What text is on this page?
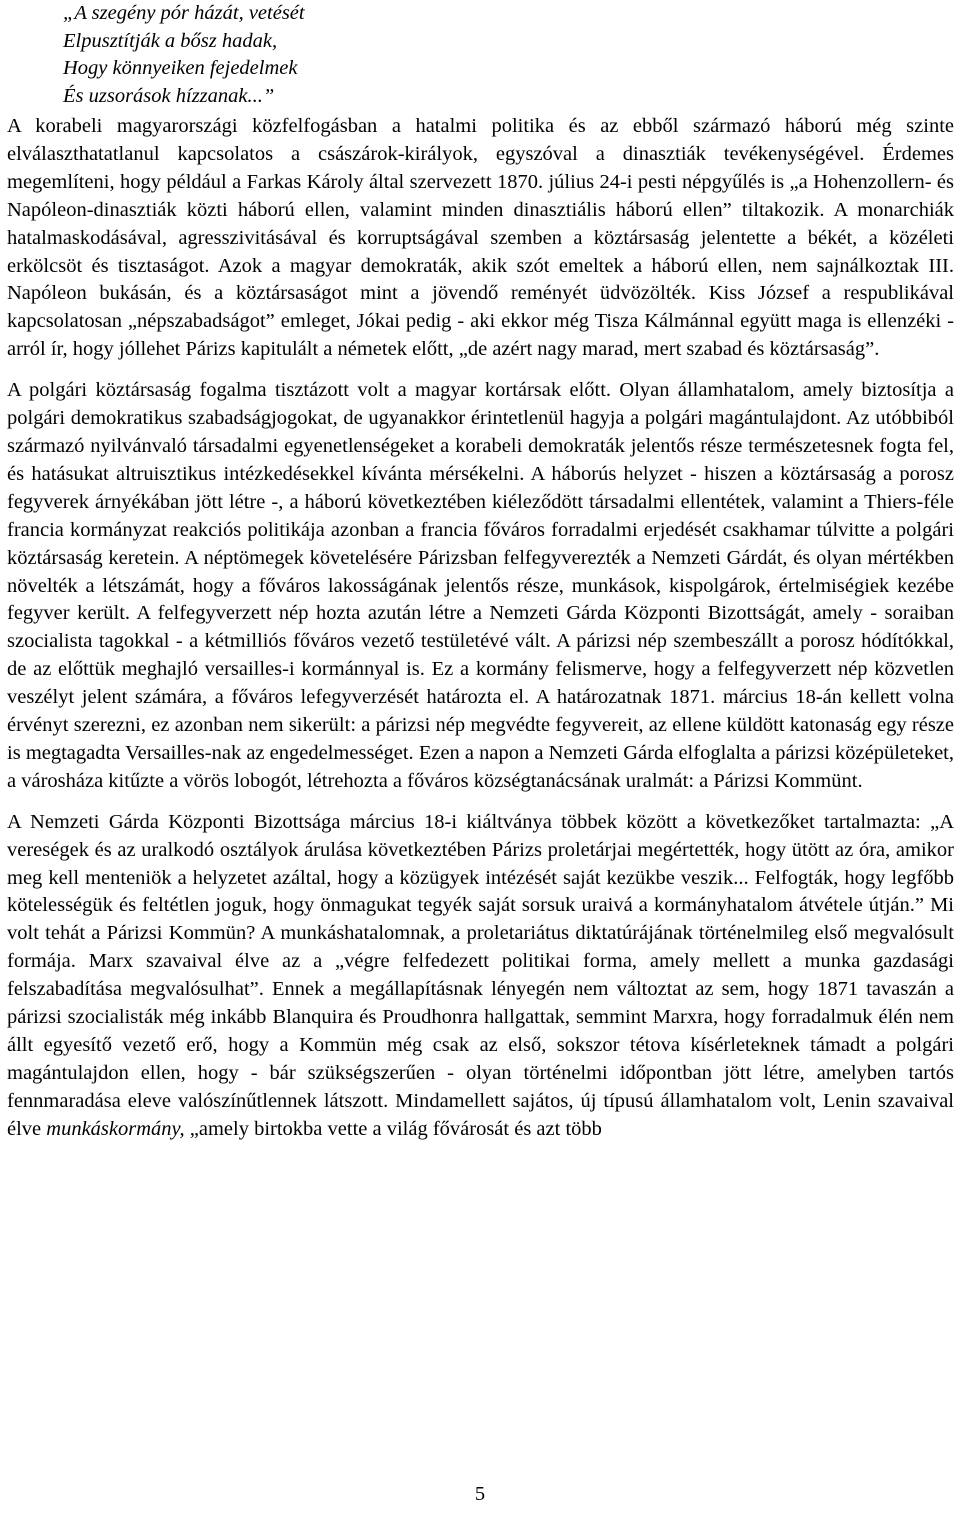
„A szegény pór házát, vetését
Elpusztítják a bősz hadak,
Hogy könnyeiken fejedelmek
És uzsorások hízzanak...”

A korabeli magyarországi közfelfogásban a hatalmi politika és az ebből származó háború még szinte elválaszthatatlanul kapcsolatos a császárok-királyok, egyszóval a dinasztiák tevékenységével. Érdemes megemlíteni, hogy például a Farkas Károly által szervezett 1870. július 24-i pesti népgyűlés is „a Hohenzollern- és Napóleon-dinasztiák közti háború ellen, valamint minden dinasztiális háború ellen” tiltakozik. A monarchiák hatalmaskodásával, agresszivitásával és korruptságával szemben a köztársaság jelentette a békét, a közéleti erkölcsöt és tisztaságot. Azok a magyar demokraták, akik szót emeltek a háború ellen, nem sajnálkoztak III. Napóleon bukásán, és a köztársaságot mint a jövendő reményét üdvözölték. Kiss József a respublikával kapcsolatosan „népszabadságot” emleget, Jókai pedig - aki ekkor még Tisza Kálmánnal együtt maga is ellenzéki - arról ír, hogy jóllehet Párizs kapitulált a németek előtt, „de azért nagy marad, mert szabad és köztársaság”.

A polgári köztársaság fogalma tisztázott volt a magyar kortársak előtt. Olyan államhatalom, amely biztosítja a polgári demokratikus szabadságjogokat, de ugyanakkor érintetlenül hagyja a polgári magántulajdont. Az utóbbiból származó nyilvánvaló társadalmi egyenetlenségeket a korabeli demokraták jelentős része természetesnek fogta fel, és hatásukat altruisztikus intézkedésekkel kívánta mérsékelni. A háborús helyzet - hiszen a köztársaság a porosz fegyverek árnyékában jött létre -, a háború következtében kiéleződött társadalmi ellentétek, valamint a Thiers-féle francia kormányzat reakciós politikája azonban a francia főváros forradalmi erjedését csakhamar túlvitte a polgári köztársaság keretein. A néptömegek követelésére Párizsban felfegyverezték a Nemzeti Gárdát, és olyan mértékben növelték a létszámát, hogy a főváros lakosságának jelentős része, munkások, kispolgárok, értelmiségiek kezébe fegyver került. A felfegyverzett nép hozta azután létre a Nemzeti Gárda Központi Bizottságát, amely - soraiban szocialista tagokkal - a kétmilliós főváros vezető testületévé vált. A párizsi nép szembeszállt a porosz hódítókkal, de az előttük meghajló versailles-i kormánnyal is. Ez a kormány felismerve, hogy a felfegyverzett nép közvetlen veszélyt jelent számára, a főváros lefegyverzését határozta el. A határozatnak 1871. március 18-án kellett volna érvényt szerezni, ez azonban nem sikerült: a párizsi nép megvédte fegyvereit, az ellene küldött katonaság egy része is megtagadta Versailles-nak az engedelmességet. Ezen a napon a Nemzeti Gárda elfoglalta a párizsi középületeket, a városháza kitűzte a vörös lobogót, létrehozta a főváros községtanácsának uralmát: a Párizsi Kommünt.

A Nemzeti Gárda Központi Bizottsága március 18-i kiáltványa többek között a következőket tartalmazta: „A vereségek és az uralkodó osztályok árulása következtében Párizs proletárjai megértették, hogy ütött az óra, amikor meg kell menteniök a helyzetet azáltal, hogy a közügyek intézését saját kezükbe veszik... Felfogták, hogy legfőbb kötelességük és feltétlen joguk, hogy önmagukat tegyék saját sorsuk uraivá a kormányhatalom átvétele útján.” Mi volt tehát a Párizsi Kommün? A munkáshatalomnak, a proletariátus diktatúrájának történelmileg első megvalósult formája. Marx szavaival élve az a „végre felfedezett politikai forma, amely mellett a munka gazdasági felszabadítása megvalósulhat”. Ennek a megállapításnak lényegén nem változtat az sem, hogy 1871 tavaszán a párizsi szocialisták még inkább Blanquira és Proudhonra hallgattak, semmint Marxra, hogy forradalmuk élén nem állt egyesítő vezető erő, hogy a Kommün még csak az első, sokszor tétova kísérleteknek támadt a polgári magántulajdon ellen, hogy - bár szükségszerűen - olyan történelmi időpontban jött létre, amelyben tartós fennmaradása eleve valószínűtlennek látszott. Mindamellett sajátos, új típusú államhatalom volt, Lenin szavaival élve munkáskormány, „amely birtokba vette a világ fővárosát és azt több

5
